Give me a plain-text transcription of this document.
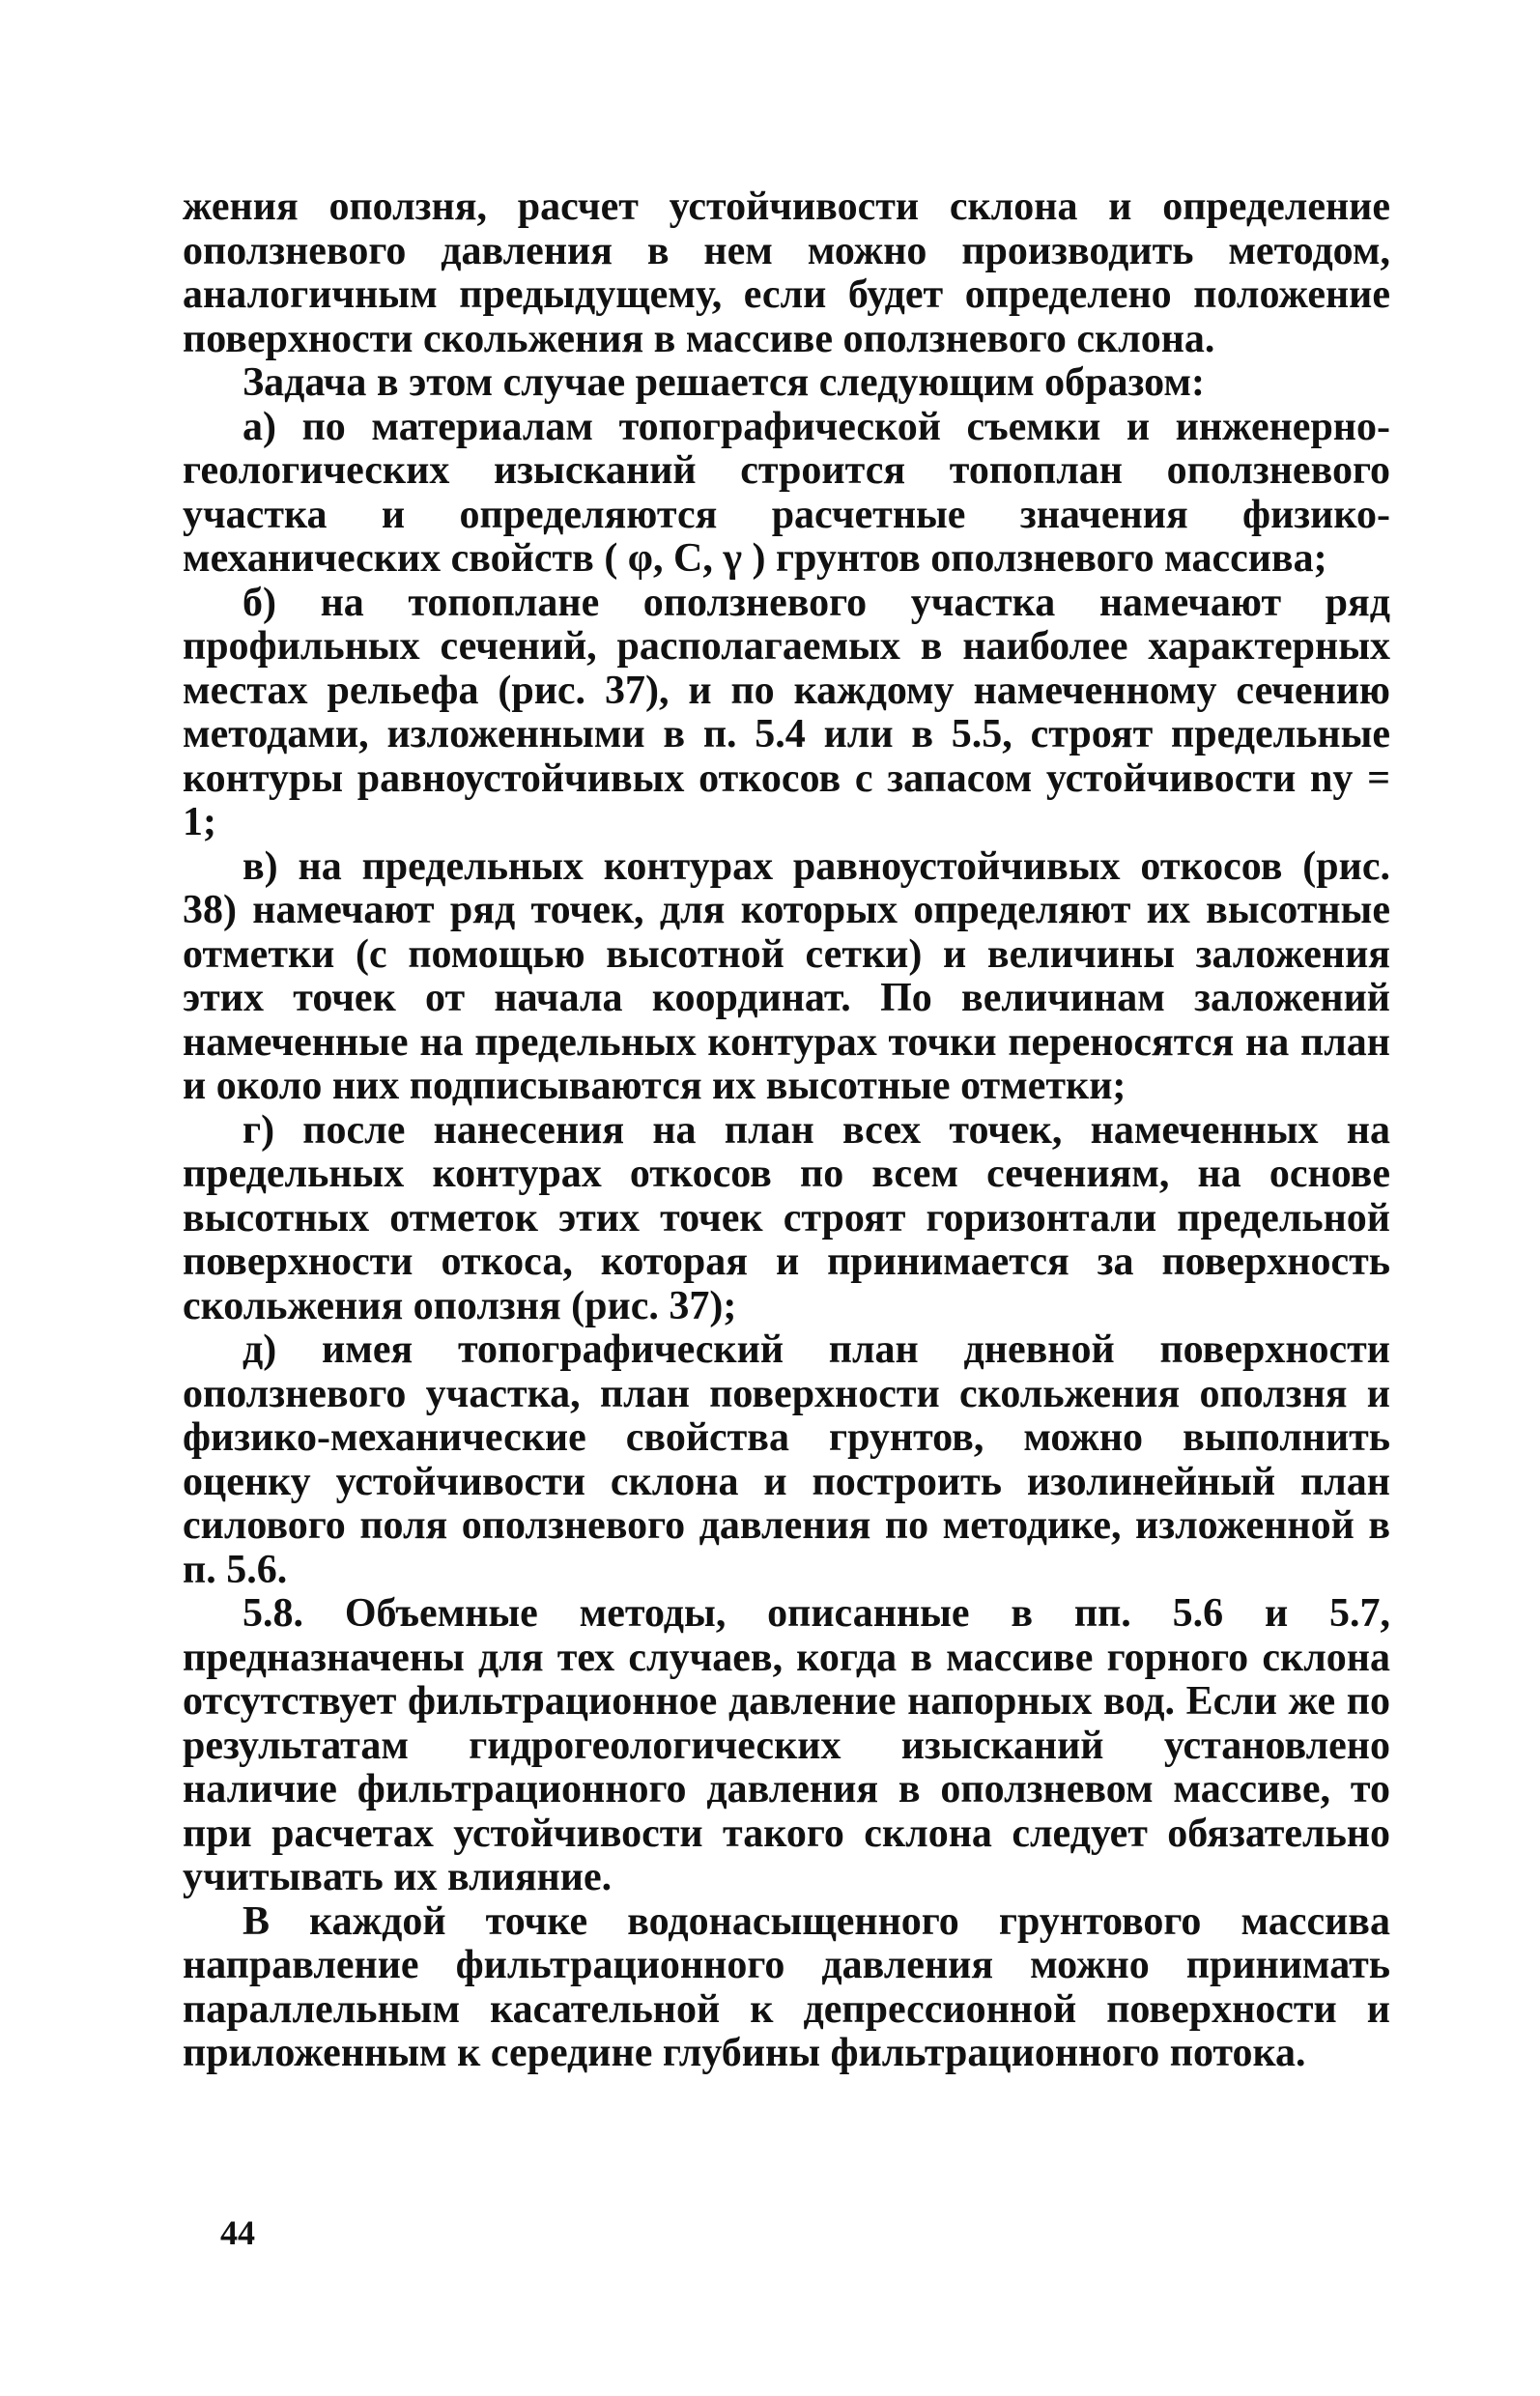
жения оползня, расчет устойчивости склона и определение оползневого давления в нем можно производить методом, аналогичным предыдущему, если будет определено положение поверхности скольжения в массиве оползневого склона.

Задача в этом случае решается следующим образом:

а) по материалам топографической съемки и инженерно-геологических изысканий строится топоплан оползневого участка и определяются расчетные значения физико-механических свойств ( φ, C, γ ) грунтов оползневого массива;

б) на топоплане оползневого участка намечают ряд профильных сечений, располагаемых в наиболее характерных местах рельефа (рис. 37), и по каждому намеченному сечению методами, изложенными в п. 5.4 или в 5.5, строят предельные контуры равноустойчивых откосов с запасом устойчивости nу = 1;

в) на предельных контурах равноустойчивых откосов (рис. 38) намечают ряд точек, для которых определяют их высотные отметки (с помощью высотной сетки) и величины заложения этих точек от начала координат. По величинам заложений намеченные на предельных контурах точки переносятся на план и около них подписываются их высотные отметки;

г) после нанесения на план всех точек, намеченных на предельных контурах откосов по всем сечениям, на основе высотных отметок этих точек строят горизонтали предельной поверхности откоса, которая и принимается за поверхность скольжения оползня (рис. 37);

д) имея топографический план дневной поверхности оползневого участка, план поверхности скольжения оползня и физико-механические свойства грунтов, можно выполнить оценку устойчивости склона и построить изолинейный план силового поля оползневого давления по методике, изложенной в п. 5.6.

5.8. Объемные методы, описанные в пп. 5.6 и 5.7, предназначены для тех случаев, когда в массиве горного склона отсутствует фильтрационное давление напорных вод. Если же по результатам гидрогеологических изысканий установлено наличие фильтрационного давления в оползневом массиве, то при расчетах устойчивости такого склона следует обязательно учитывать их влияние.

В каждой точке водонасыщенного грунтового массива направление фильтрационного давления можно принимать параллельным касательной к депрессионной поверхности и приложенным к середине глубины фильтрационного потока.

44
